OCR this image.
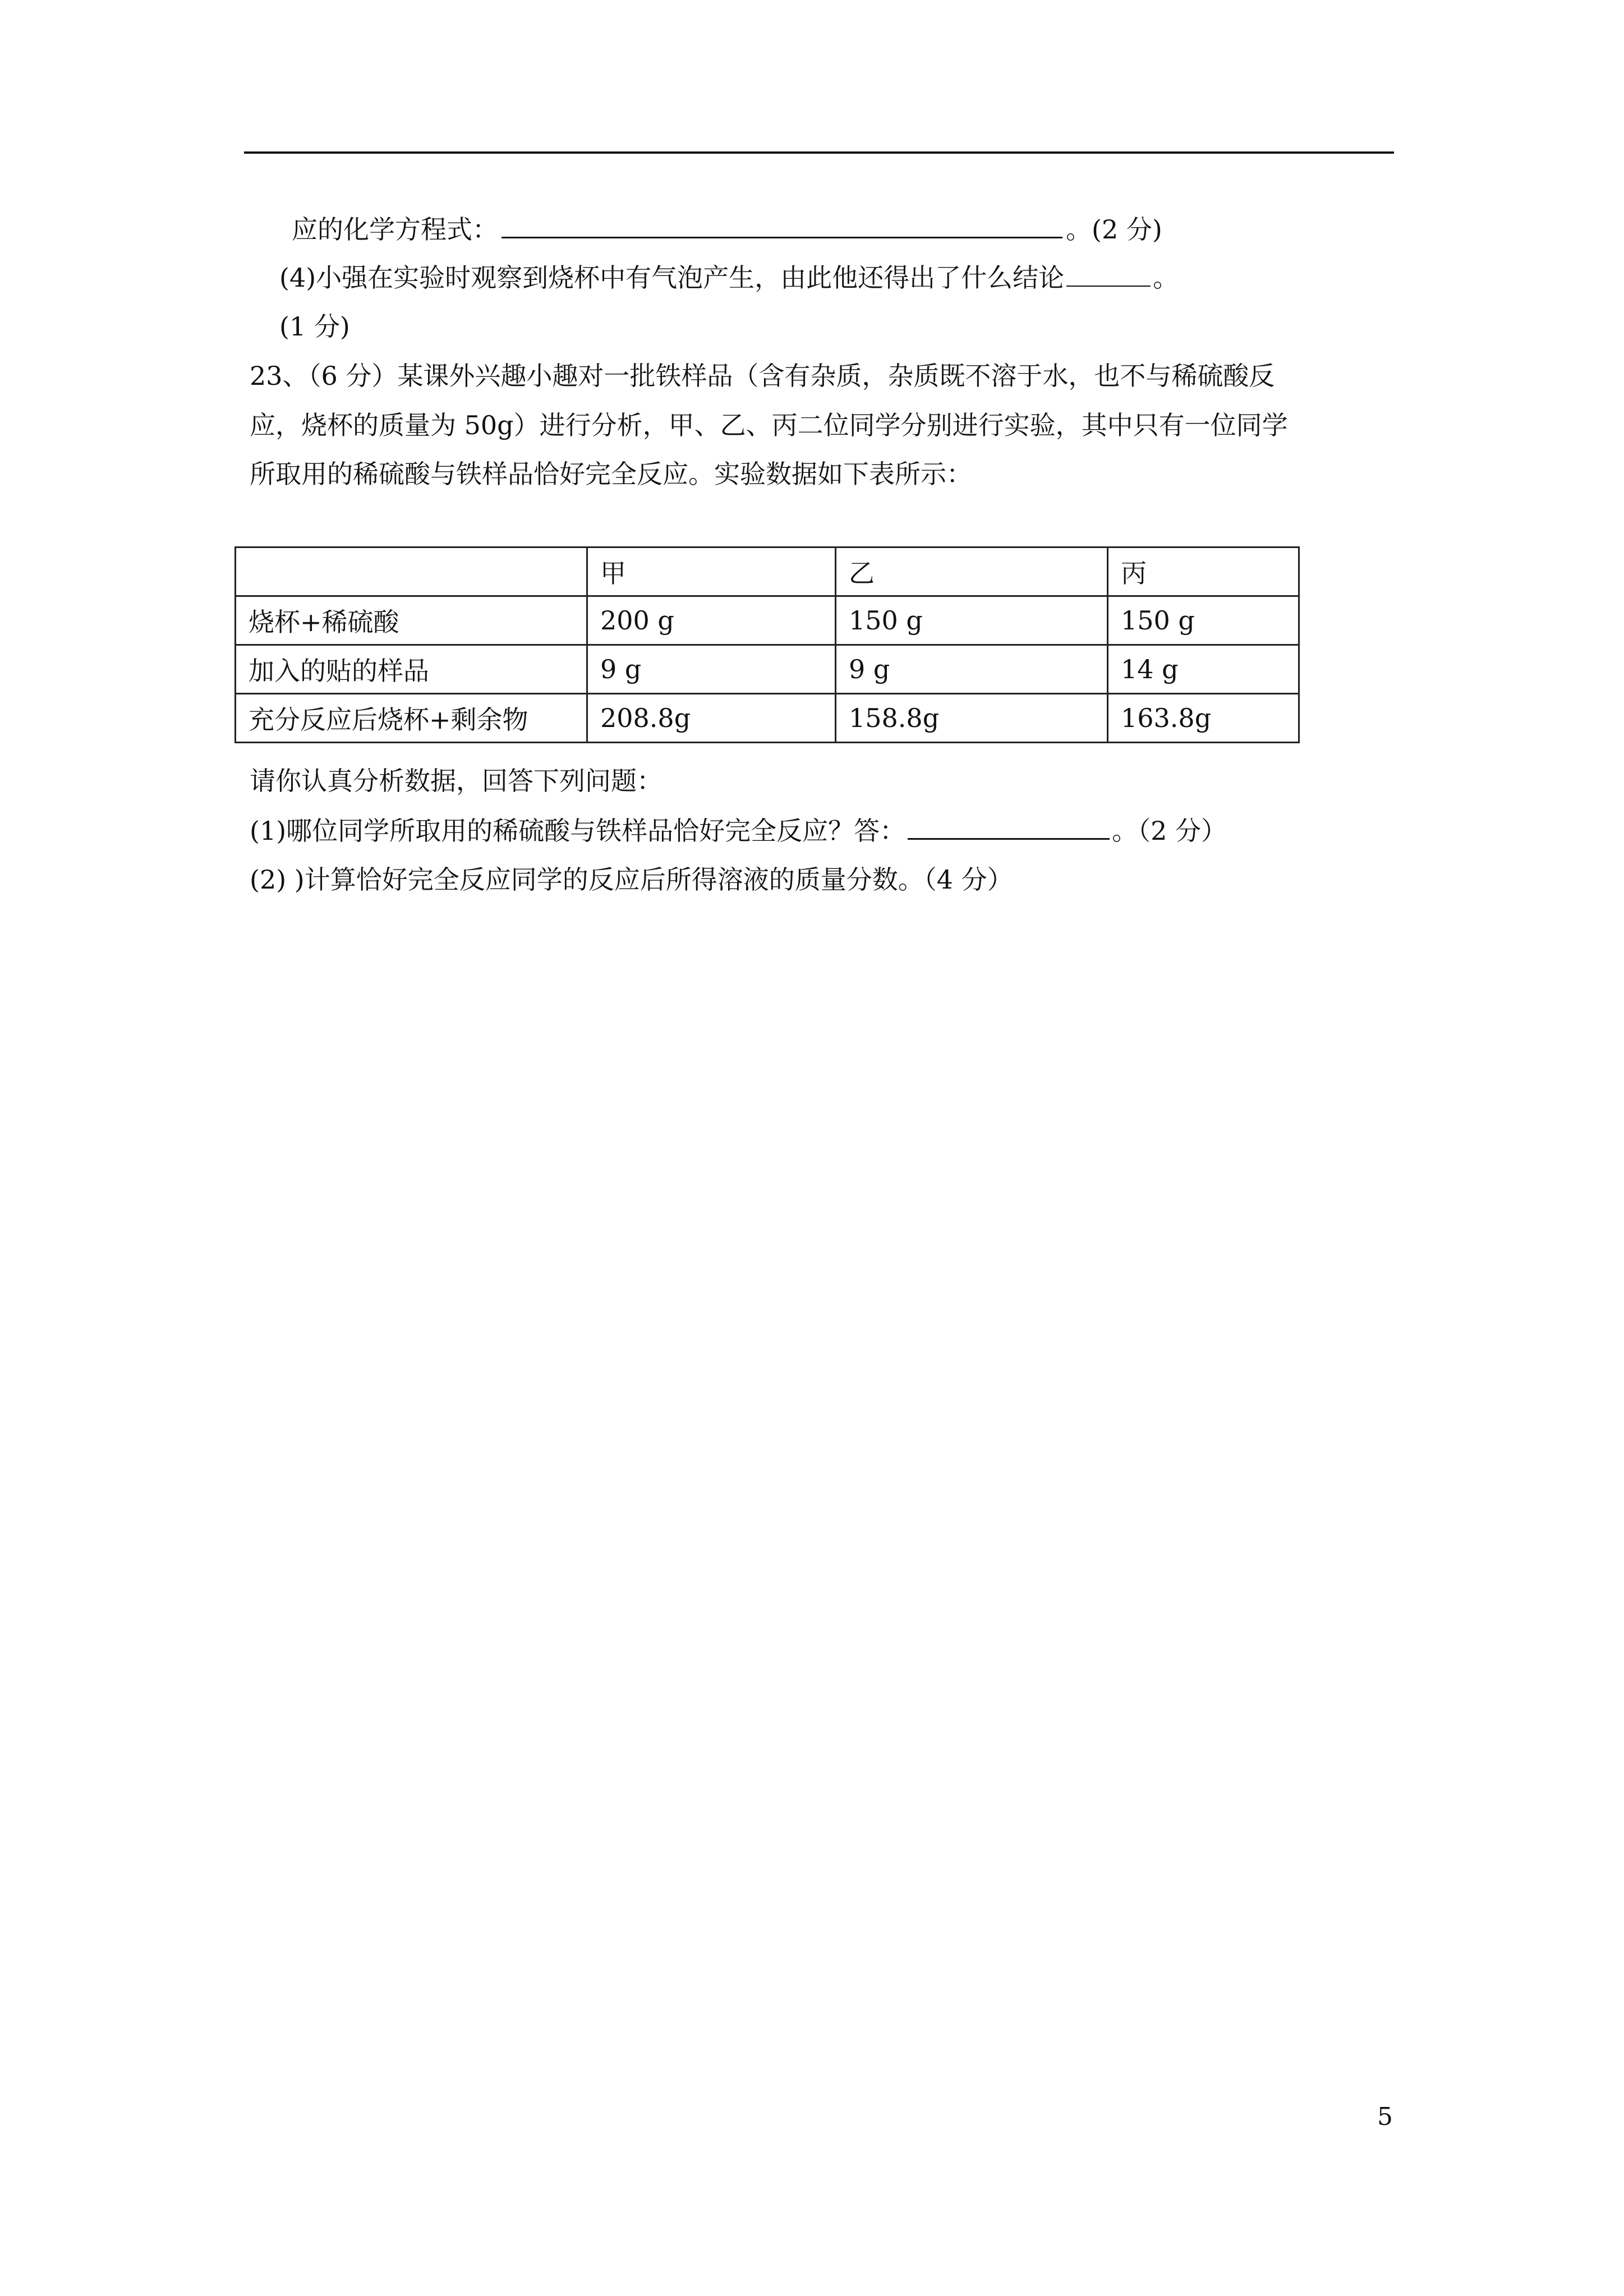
应的化学方程式：	。(2 分)
(4)小强在实验时观察到烧杯中有气泡产生，由此他还得出了什么结论	。
(1 分)
23、（6 分）某课外兴趣小趣对一批铁样品（含有杂质，杂质既不溶于水，也不与稀硫酸反
应，烧杯的质量为 50g）进行分析，甲、乙、丙二位同学分别进行实验，其中只有一位同学
所取用的稀硫酸与铁样品恰好完全反应。实验数据如下表所示：
	甲	乙	丙
烧杯+稀硫酸	200 g	150 g	150 g
加入的贴的样品	9 g	9 g	14 g
充分反应后烧杯+剩余物	208.8g	158.8g	163.8g
请你认真分析数据，回答下列问题：
(1)哪位同学所取用的稀硫酸与铁样品恰好完全反应？答：	。（2 分）
(2) )计算恰好完全反应同学的反应后所得溶液的质量分数。（4 分）
5
